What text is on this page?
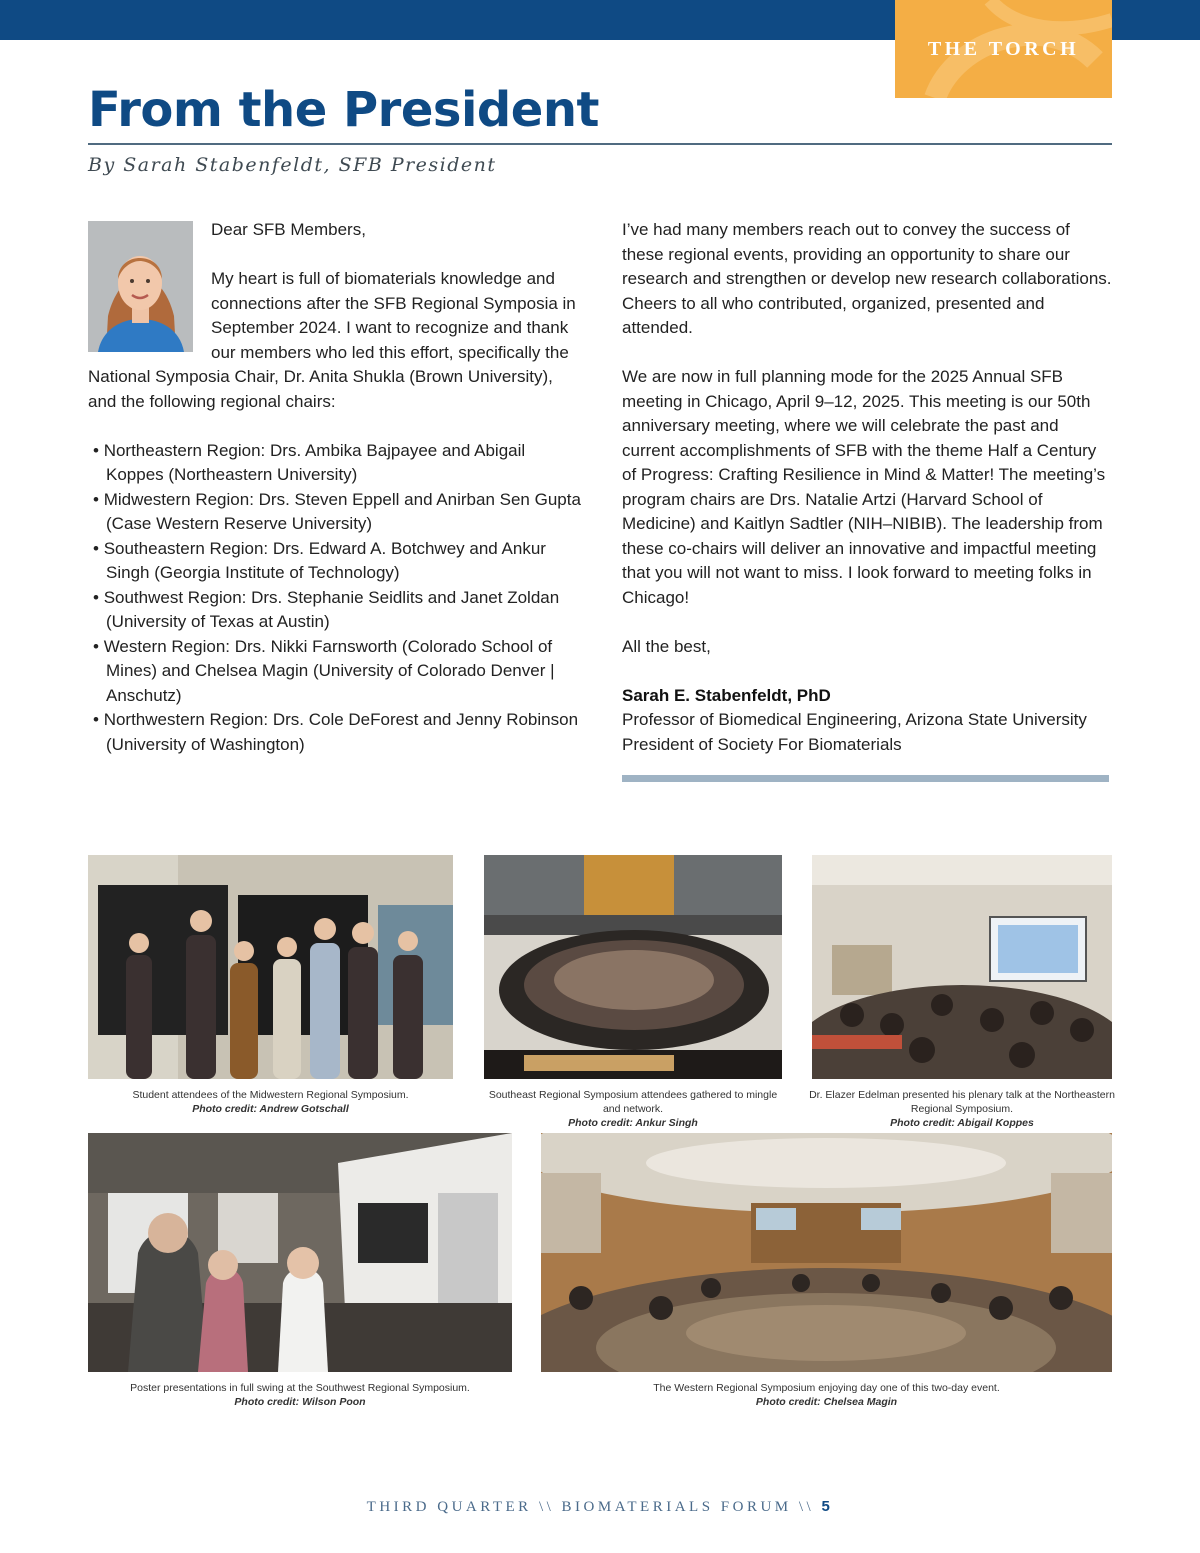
THE TORCH
From the President
By Sarah Stabenfeldt, SFB President

Dear SFB Members,

My heart is full of biomaterials knowledge and connections after the SFB Regional Symposia in September 2024. I want to recognize and thank our members who led this effort, specifically the National Symposia Chair, Dr. Anita Shukla (Brown University), and the following regional chairs:

• Northeastern Region: Drs. Ambika Bajpayee and Abigail Koppes (Northeastern University)
• Midwestern Region: Drs. Steven Eppell and Anirban Sen Gupta (Case Western Reserve University)
• Southeastern Region: Drs. Edward A. Botchwey and Ankur Singh (Georgia Institute of Technology)
• Southwest Region: Drs. Stephanie Seidlits and Janet Zoldan (University of Texas at Austin)
• Western Region: Drs. Nikki Farnsworth (Colorado School of Mines) and Chelsea Magin (University of Colorado Denver | Anschutz)
• Northwestern Region: Drs. Cole DeForest and Jenny Robinson (University of Washington)

I’ve had many members reach out to convey the success of these regional events, providing an opportunity to share our research and strengthen or develop new research collaborations. Cheers to all who contributed, organized, presented and attended.

We are now in full planning mode for the 2025 Annual SFB meeting in Chicago, April 9–12, 2025. This meeting is our 50th anniversary meeting, where we will celebrate the past and current accomplishments of SFB with the theme Half a Century of Progress: Crafting Resilience in Mind & Matter! The meeting’s program chairs are Drs. Natalie Artzi (Harvard School of Medicine) and Kaitlyn Sadtler (NIH–NIBIB). The leadership from these co-chairs will deliver an innovative and impactful meeting that you will not want to miss. I look forward to meeting folks in Chicago!

All the best,

Sarah E. Stabenfeldt, PhD

Professor of Biomedical Engineering, Arizona State University

President of Society For Biomaterials

Student attendees of the Midwestern Regional Symposium.
Photo credit: Andrew Gotschall
Southeast Regional Symposium attendees gathered to mingle and network.
Photo credit: Ankur Singh
Dr. Elazer Edelman presented his plenary talk at the Northeastern Regional Symposium.
Photo credit: Abigail Koppes
Poster presentations in full swing at the Southwest Regional Symposium.
Photo credit: Wilson Poon
The Western Regional Symposium enjoying day one of this two-day event.
Photo credit: Chelsea Magin
THIRD QUARTER \\ BIOMATERIALS FORUM \\ 5
